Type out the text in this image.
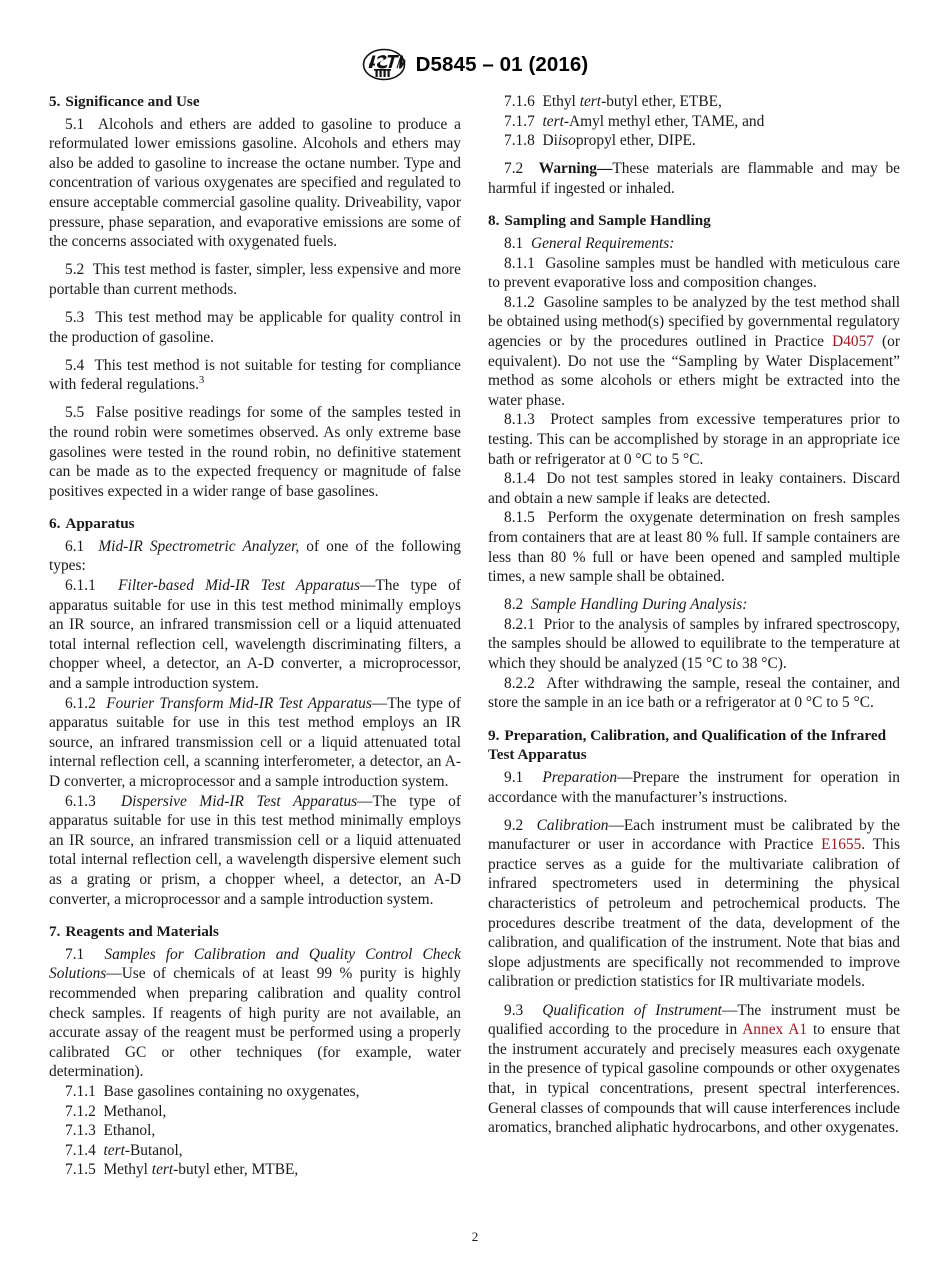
D5845 – 01 (2016)
5. Significance and Use

5.1 Alcohols and ethers are added to gasoline to produce a reformulated lower emissions gasoline. Alcohols and ethers may also be added to gasoline to increase the octane number. Type and concentration of various oxygenates are specified and regulated to ensure acceptable commercial gasoline quality. Driveability, vapor pressure, phase separation, and evaporative emissions are some of the concerns associated with oxygenated fuels.

5.2 This test method is faster, simpler, less expensive and more portable than current methods.

5.3 This test method may be applicable for quality control in the production of gasoline.

5.4 This test method is not suitable for testing for compliance with federal regulations.$^3$

5.5 False positive readings for some of the samples tested in the round robin were sometimes observed. As only extreme base gasolines were tested in the round robin, no definitive statement can be made as to the expected frequency or magnitude of false positives expected in a wider range of base gasolines.

6. Apparatus

6.1 Mid-IR Spectrometric Analyzer, of one of the following types:

6.1.1 Filter-based Mid-IR Test Apparatus—The type of apparatus suitable for use in this test method minimally employs an IR source, an infrared transmission cell or a liquid attenuated total internal reflection cell, wavelength discriminating filters, a chopper wheel, a detector, an A-D converter, a microprocessor, and a sample introduction system.

6.1.2 Fourier Transform Mid-IR Test Apparatus—The type of apparatus suitable for use in this test method employs an IR source, an infrared transmission cell or a liquid attenuated total internal reflection cell, a scanning interferometer, a detector, an A-D converter, a microprocessor and a sample introduction system.

6.1.3 Dispersive Mid-IR Test Apparatus—The type of apparatus suitable for use in this test method minimally employs an IR source, an infrared transmission cell or a liquid attenuated total internal reflection cell, a wavelength dispersive element such as a grating or prism, a chopper wheel, a detector, an A-D converter, a microprocessor and a sample introduction system.

7. Reagents and Materials

7.1 Samples for Calibration and Quality Control Check Solutions—Use of chemicals of at least 99 % purity is highly recommended when preparing calibration and quality control check samples. If reagents of high purity are not available, an accurate assay of the reagent must be performed using a properly calibrated GC or other techniques (for example, water determination).

7.1.1 Base gasolines containing no oxygenates,

7.1.2 Methanol,

7.1.3 Ethanol,

7.1.4 tert-Butanol,

7.1.5 Methyl tert-butyl ether, MTBE,

7.1.6 Ethyl tert-butyl ether, ETBE,

7.1.7 tert-Amyl methyl ether, TAME, and

7.1.8 Diisopropyl ether, DIPE.

7.2 Warning—These materials are flammable and may be harmful if ingested or inhaled.

8. Sampling and Sample Handling

8.1 General Requirements:

8.1.1 Gasoline samples must be handled with meticulous care to prevent evaporative loss and composition changes.

8.1.2 Gasoline samples to be analyzed by the test method shall be obtained using method(s) specified by governmental regulatory agencies or by the procedures outlined in Practice D4057 (or equivalent). Do not use the “Sampling by Water Displacement” method as some alcohols or ethers might be extracted into the water phase.

8.1.3 Protect samples from excessive temperatures prior to testing. This can be accomplished by storage in an appropriate ice bath or refrigerator at 0 °C to 5 °C.

8.1.4 Do not test samples stored in leaky containers. Discard and obtain a new sample if leaks are detected.

8.1.5 Perform the oxygenate determination on fresh samples from containers that are at least 80 % full. If sample containers are less than 80 % full or have been opened and sampled multiple times, a new sample shall be obtained.

8.2 Sample Handling During Analysis:

8.2.1 Prior to the analysis of samples by infrared spectroscopy, the samples should be allowed to equilibrate to the temperature at which they should be analyzed (15 °C to 38 °C).

8.2.2 After withdrawing the sample, reseal the container, and store the sample in an ice bath or a refrigerator at 0 °C to 5 °C.

9. Preparation, Calibration, and Qualification of the Infrared Test Apparatus

9.1 Preparation—Prepare the instrument for operation in accordance with the manufacturer’s instructions.

9.2 Calibration—Each instrument must be calibrated by the manufacturer or user in accordance with Practice E1655. This practice serves as a guide for the multivariate calibration of infrared spectrometers used in determining the physical characteristics of petroleum and petrochemical products. The procedures describe treatment of the data, development of the calibration, and qualification of the instrument. Note that bias and slope adjustments are specifically not recommended to improve calibration or prediction statistics for IR multivariate models.

9.3 Qualification of Instrument—The instrument must be qualified according to the procedure in Annex A1 to ensure that the instrument accurately and precisely measures each oxygenate in the presence of typical gasoline compounds or other oxygenates that, in typical concentrations, present spectral interferences. General classes of compounds that will cause interferences include aromatics, branched aliphatic hydrocarbons, and other oxygenates.

2
